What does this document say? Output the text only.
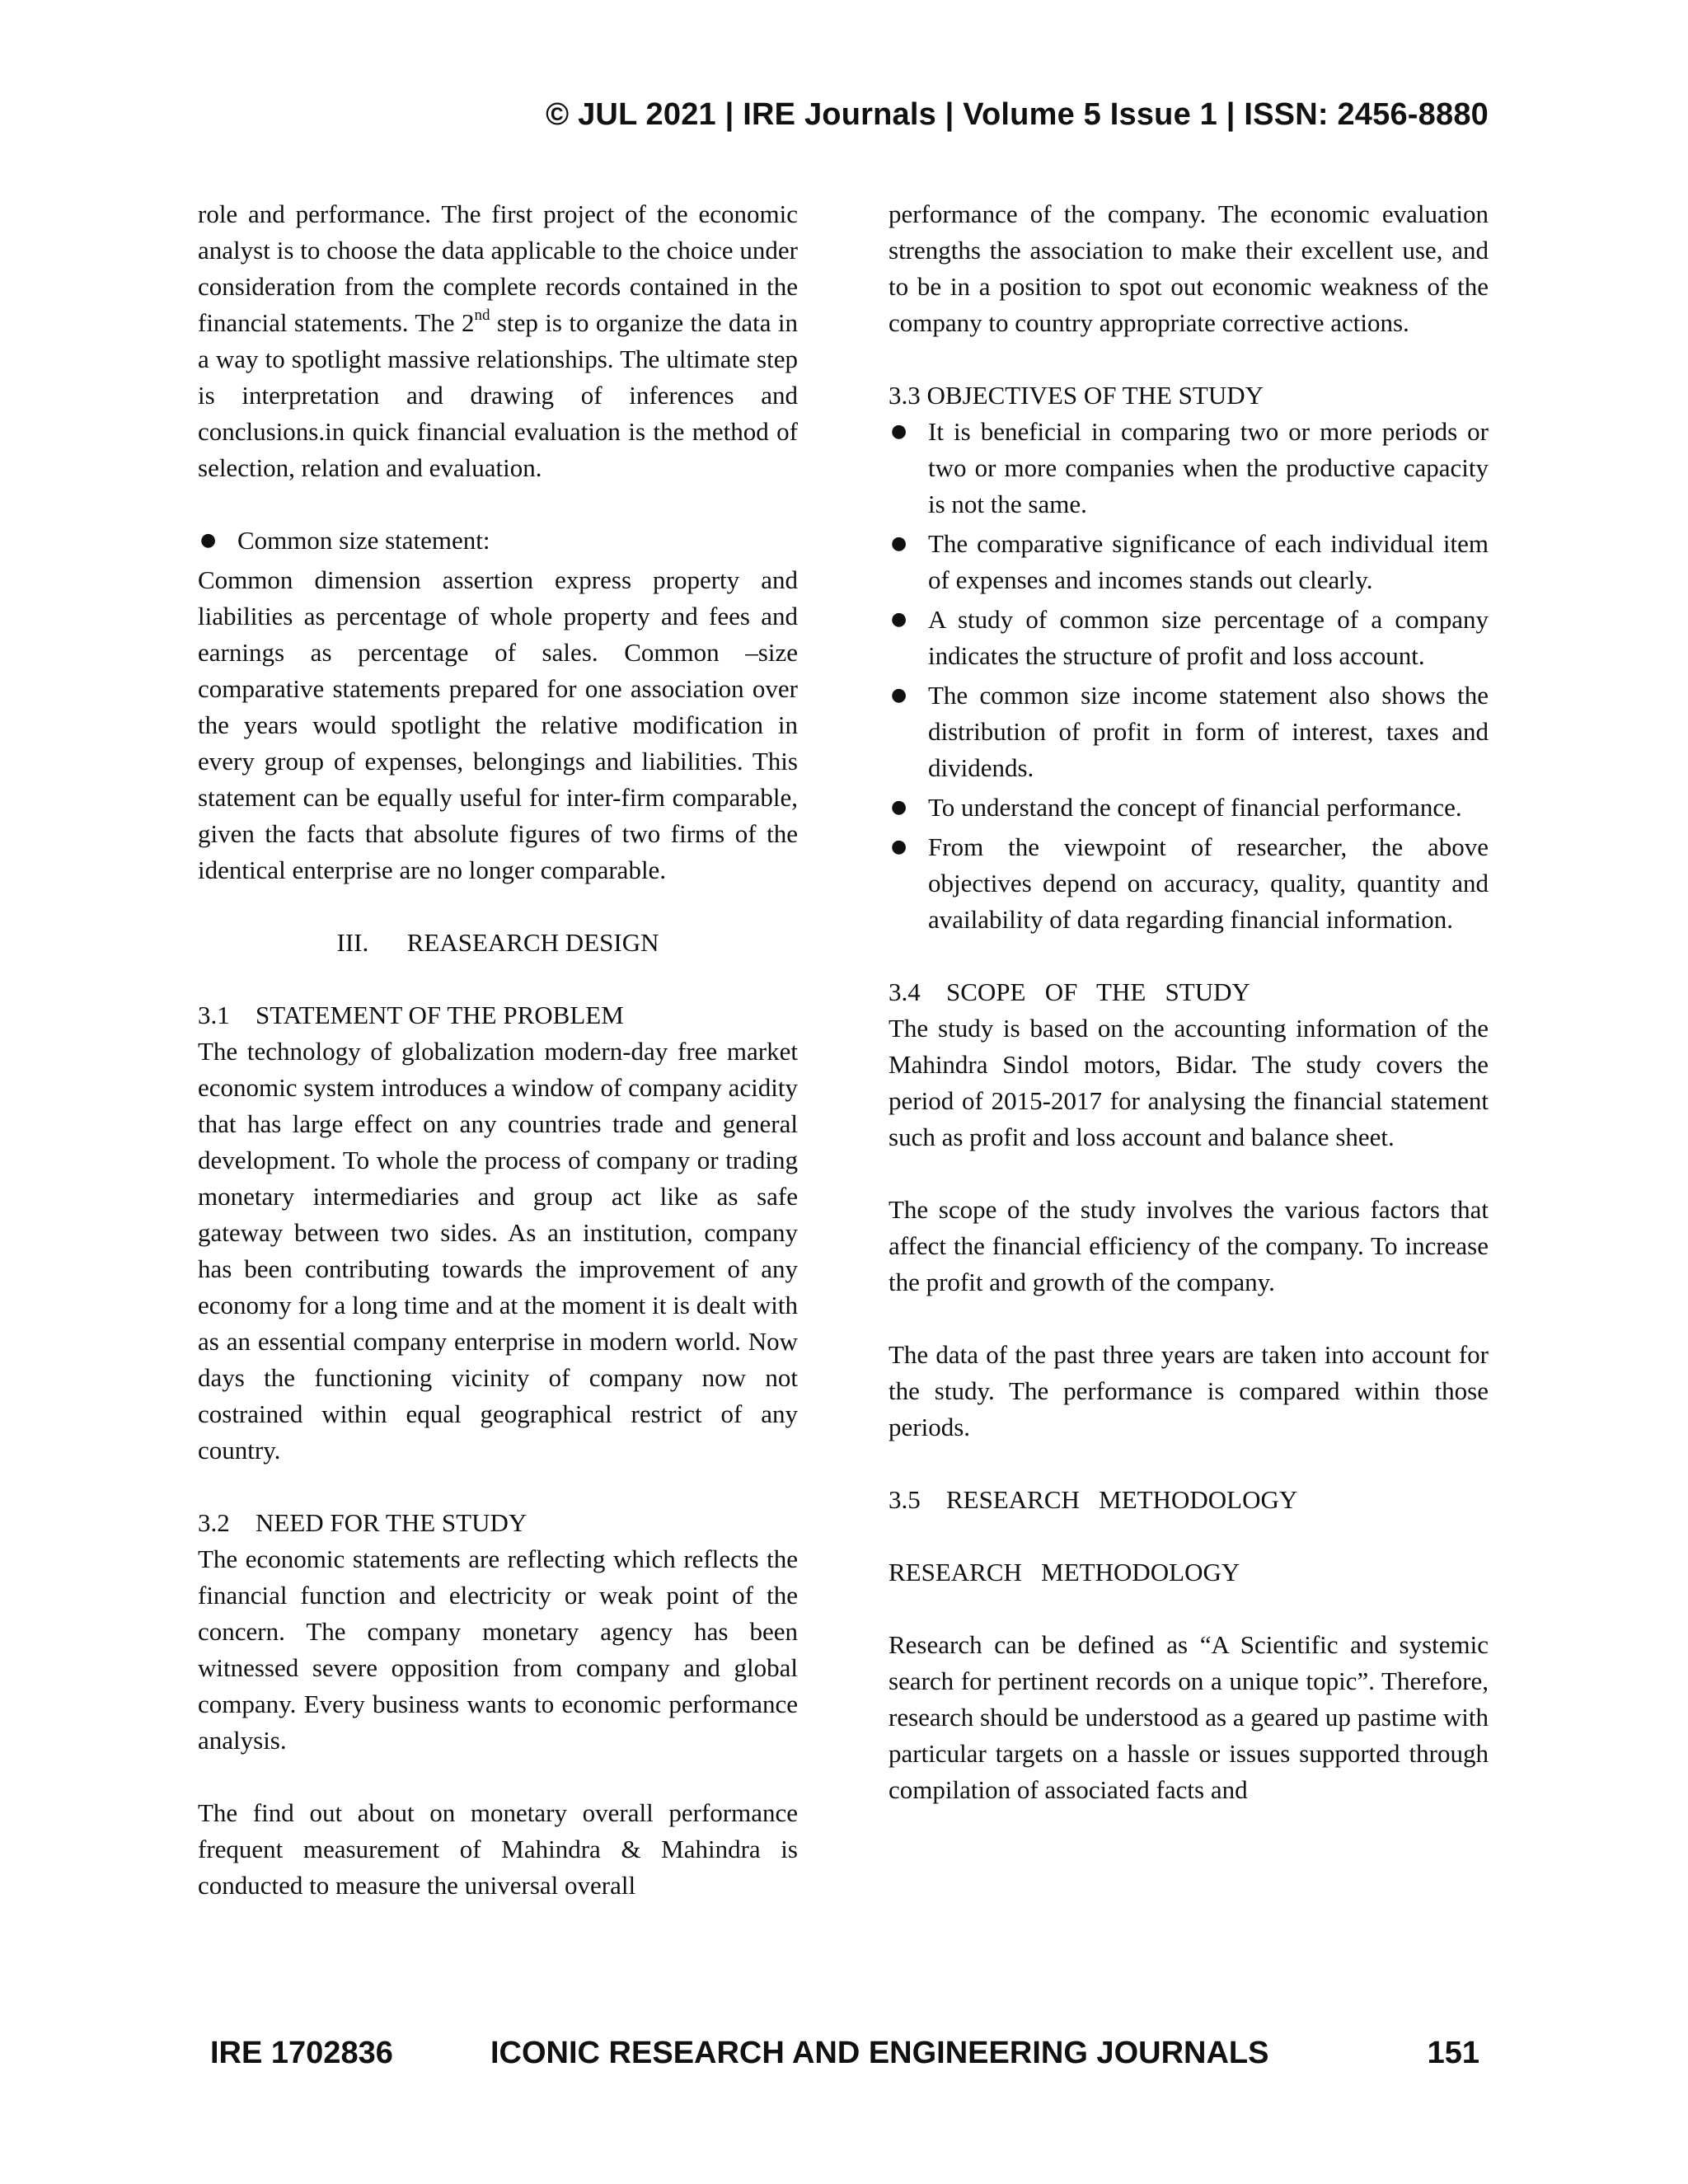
© JUL 2021 | IRE Journals | Volume 5 Issue 1 | ISSN: 2456-8880

role and performance. The first project of the economic analyst is to choose the data applicable to the choice under consideration from the complete records contained in the financial statements. The 2nd step is to organize the data in a way to spotlight massive relationships. The ultimate step is interpretation and drawing of inferences and conclusions.in quick financial evaluation is the method of selection, relation and evaluation.

● Common size statement:

Common dimension assertion express property and liabilities as percentage of whole property and fees and earnings as percentage of sales. Common –size comparative statements prepared for one association over the years would spotlight the relative modification in every group of expenses, belongings and liabilities. This statement can be equally useful for inter-firm comparable, given the facts that absolute figures of two firms of the identical enterprise are no longer comparable.

III. REASEARCH DESIGN

3.1 STATEMENT OF THE PROBLEM

The technology of globalization modern-day free market economic system introduces a window of company acidity that has large effect on any countries trade and general development. To whole the process of company or trading monetary intermediaries and group act like as safe gateway between two sides. As an institution, company has been contributing towards the improvement of any economy for a long time and at the moment it is dealt with as an essential company enterprise in modern world. Now days the functioning vicinity of company now not costrained within equal geographical restrict of any country.

3.2 NEED FOR THE STUDY

The economic statements are reflecting which reflects the financial function and electricity or weak point of the concern. The company monetary agency has been witnessed severe opposition from company and global company. Every business wants to economic performance analysis.

The find out about on monetary overall performance frequent measurement of Mahindra & Mahindra is conducted to measure the universal overall

performance of the company. The economic evaluation strengths the association to make their excellent use, and to be in a position to spot out economic weakness of the company to country appropriate corrective actions.

3.3 OBJECTIVES OF THE STUDY

● It is beneficial in comparing two or more periods or two or more companies when the productive capacity is not the same.
● The comparative significance of each individual item of expenses and incomes stands out clearly.
● A study of common size percentage of a company indicates the structure of profit and loss account.
● The common size income statement also shows the distribution of profit in form of interest, taxes and dividends.
● To understand the concept of financial performance.
● From the viewpoint of researcher, the above objectives depend on accuracy, quality, quantity and availability of data regarding financial information.

3.4 SCOPE   OF   THE   STUDY

The study is based on the accounting information of the Mahindra Sindol motors, Bidar. The study covers the period of 2015-2017 for analysing the financial statement such as profit and loss account and balance sheet.

The scope of the study involves the various factors that affect the financial efficiency of the company. To increase the profit and growth of the company.

The data of the past three years are taken into account for the study. The performance is compared within those periods.

3.5 RESEARCH   METHODOLOGY

RESEARCH   METHODOLOGY

Research can be defined as “A Scientific and systemic search for pertinent records on a unique topic”. Therefore, research should be understood as a geared up pastime with particular targets on a hassle or issues supported through compilation of associated facts and

IRE 1702836	ICONIC RESEARCH AND ENGINEERING JOURNALS	151
